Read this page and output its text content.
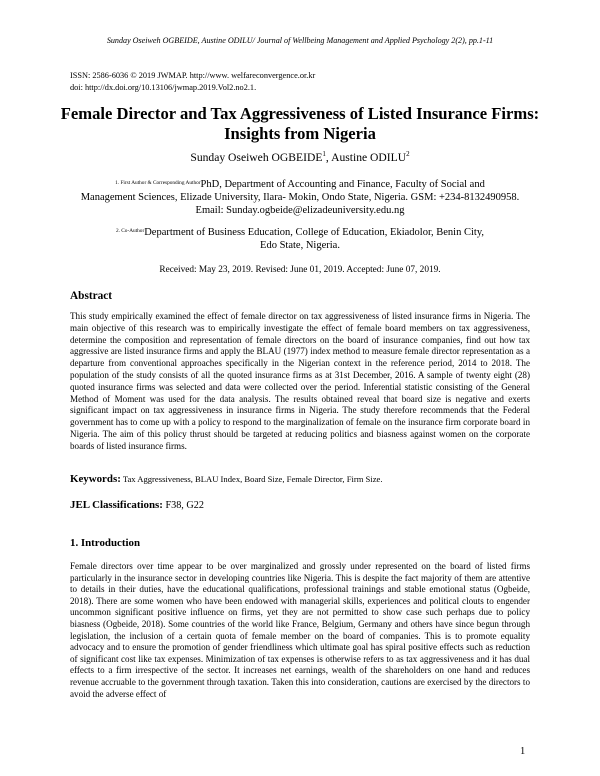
Sunday Oseiweh OGBEIDE, Austine ODILU/ Journal of Wellbeing Management and Applied Psychology 2(2), pp.1-11
ISSN: 2586-6036 © 2019 JWMAP. http://www. welfareconvergence.or.kr
doi: http://dx.doi.org/10.13106/jwmap.2019.Vol2.no2.1.
Female Director and Tax Aggressiveness of Listed Insurance Firms:
Insights from Nigeria
Sunday Oseiweh OGBEIDE$^1$, Austine ODILU$^2$
$^{1. First Author \& Corresponding Author}$PhD, Department of Accounting and Finance, Faculty of Social and
Management Sciences, Elizade University, Ilara- Mokin, Ondo State, Nigeria. GSM: +234-8132490958.
Email: Sunday.ogbeide@elizadeuniversity.edu.ng
$^{2. Co-Author}$Department of Business Education, College of Education, Ekiadolor, Benin City,
Edo State, Nigeria.
Received: May 23, 2019. Revised: June 01, 2019. Accepted: June 07, 2019.
Abstract
This study empirically examined the effect of female director on tax aggressiveness of listed insurance firms in Nigeria. The main objective of this research was to empirically investigate the effect of female board members on tax aggressiveness, determine the composition and representation of female directors on the board of insurance companies, find out how tax aggressive are listed insurance firms and apply the BLAU (1977) index method to measure female director representation as a departure from conventional approaches specifically in the Nigerian context in the reference period, 2014 to 2018. The population of the study consists of all the quoted insurance firms as at 31st December, 2016. A sample of twenty eight (28) quoted insurance firms was selected and data were collected over the period. Inferential statistic consisting of the General Method of Moment was used for the data analysis. The results obtained reveal that board size is negative and exerts significant impact on tax aggressiveness in insurance firms in Nigeria. The study therefore recommends that the Federal government has to come up with a policy to respond to the marginalization of female on the insurance firm corporate board in Nigeria. The aim of this policy thrust should be targeted at reducing politics and biasness against women on the corporate boards of listed insurance firms.
Keywords: Tax Aggressiveness, BLAU Index, Board Size, Female Director, Firm Size.
JEL Classifications: F38, G22
1. Introduction
Female directors over time appear to be over marginalized and grossly under represented on the board of listed firms particularly in the insurance sector in developing countries like Nigeria. This is despite the fact majority of them are attentive to details in their duties, have the educational qualifications, professional trainings and stable emotional status (Ogbeide, 2018). There are some women who have been endowed with managerial skills, experiences and political clouts to engender uncommon significant positive influence on firms, yet they are not permitted to show case such perhaps due to policy biasness (Ogbeide, 2018). Some countries of the world like France, Belgium, Germany and others have since begun through legislation, the inclusion of a certain quota of female member on the board of companies. This is to promote equality advocacy and to ensure the promotion of gender friendliness which ultimate goal has spiral positive effects such as reduction of significant cost like tax expenses. Minimization of tax expenses is otherwise refers to as tax aggressiveness and it has dual effects to a firm irrespective of the sector. It increases net earnings, wealth of the shareholders on one hand and reduces revenue accruable to the government through taxation. Taken this into consideration, cautions are exercised by the directors to avoid the adverse effect of
1
